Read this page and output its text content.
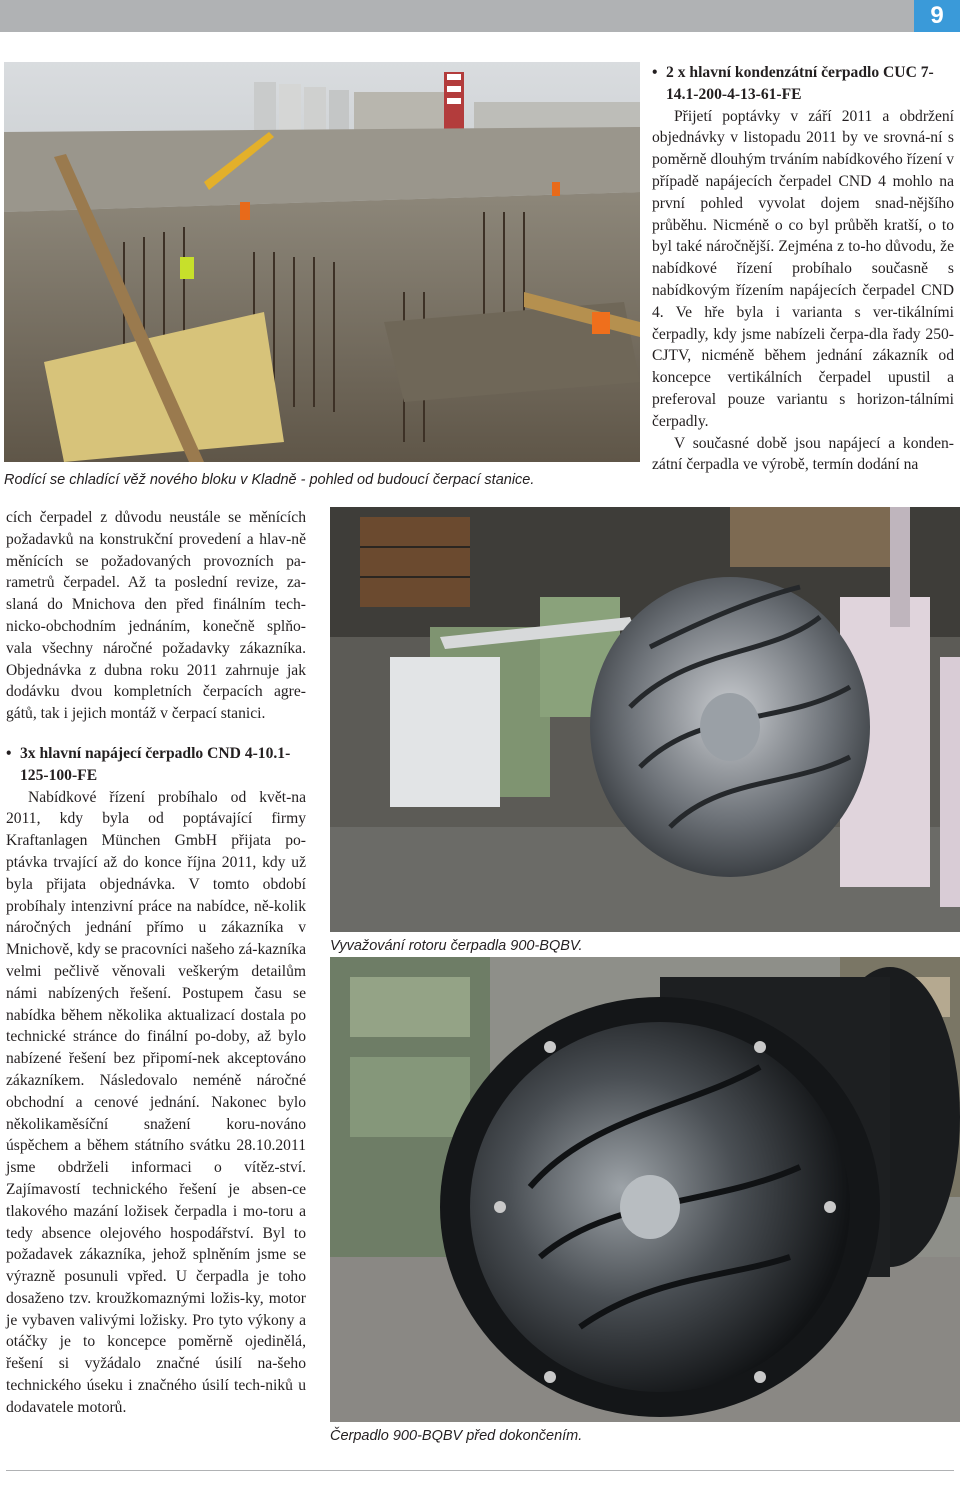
9
Rodící se chladící věž nového bloku v Kladně - pohled od budoucí čerpací stanice.

• 2 x hlavní kondenzátní čerpadlo CUC 7-
14.1-200-4-13-61-FE

Přijetí poptávky v září 2011 a obdržení objednávky v listopadu 2011 by ve srovná-ní s poměrně dlouhým trváním nabídkového řízení v případě napájecích čerpadel CND 4 mohlo na první pohled vyvolat dojem snad-nějšího průběhu. Nicméně o co byl průběh kratší, o to byl také náročnější. Zejména z to-ho důvodu, že nabídkové řízení probíhalo současně s nabídkovým řízením napájecích čerpadel CND 4. Ve hře byla i varianta s ver-tikálními čerpadly, kdy jsme nabízeli čerpa-dla řady 250-CJTV, nicméně během jednání zákazník od koncepce vertikálních čerpadel upustil a preferoval pouze variantu s horizon-tálními čerpadly.

V současné době jsou napájecí a konden-zátní čerpadla ve výrobě, termín dodání na

cích čerpadel z důvodu neustále se měnících požadavků na konstrukční provedení a hlav-ně měnících se požadovaných provozních pa-rametrů čerpadel. Až ta poslední revize, za-slaná do Mnichova den před finálním tech-nicko-obchodním jednáním, konečně splňo-vala všechny náročné požadavky zákazníka. Objednávka z dubna roku 2011 zahrnuje jak dodávku dvou kompletních čerpacích agre-gátů, tak i jejich montáž v čerpací stanici.

• 3x hlavní napájecí čerpadlo CND 4-10.1-
125-100-FE

Nabídkové řízení probíhalo od květ-na 2011, kdy byla od poptávající firmy Kraftanlagen München GmbH přijata po-ptávka trvající až do konce října 2011, kdy už byla přijata objednávka. V tomto období probíhaly intenzivní práce na nabídce, ně-kolik náročných jednání přímo u zákazníka v Mnichově, kdy se pracovníci našeho zá-kazníka velmi pečlivě věnovali veškerým detailům námi nabízených řešení. Postupem času se nabídka během několika aktualizací dostala po technické stránce do finální po-doby, až bylo nabízené řešení bez připomí-nek akceptováno zákazníkem. Následovalo neméně náročné obchodní a cenové jednání. Nakonec bylo několikaměsíční snažení koru-nováno úspěchem a během státního svátku 28.10.2011 jsme obdrželi informaci o vítěz-ství. Zajímavostí technického řešení je absen-ce tlakového mazání ložisek čerpadla i mo-toru a tedy absence olejového hospodářství. Byl to požadavek zákazníka, jehož splněním jsme se výrazně posunuli vpřed. U čerpadla je toho dosaženo tzv. kroužkomaznými ložis-ky, motor je vybaven valivými ložisky. Pro tyto výkony a otáčky je to koncepce poměrně ojedinělá, řešení si vyžádalo značné úsilí na-šeho technického úseku i značného úsilí tech-niků u dodavatele motorů.

Vyvažování rotoru čerpadla 900-BQBV.
Čerpadlo 900-BQBV před dokončením.
